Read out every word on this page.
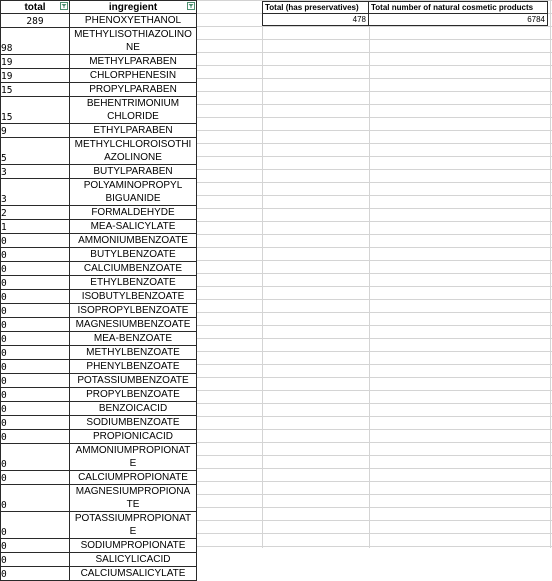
total	ingregient

289	PHENOXYETHANOL

98	METHYLISOTHIAZOLINO
NE

19	METHYLPARABEN

19	CHLORPHENESIN

15	PROPYLPARABEN

15	BEHENTRIMONIUM
CHLORIDE

9	ETHYLPARABEN

5	METHYLCHLOROISOTHI
AZOLINONE

3	BUTYLPARABEN

3	POLYAMINOPROPYL
BIGUANIDE

2	FORMALDEHYDE

1	MEA-SALICYLATE

0	AMMONIUMBENZOATE

0	BUTYLBENZOATE

0	CALCIUMBENZOATE

0	ETHYLBENZOATE

0	ISOBUTYLBENZOATE

0	ISOPROPYLBENZOATE

0	MAGNESIUMBENZOATE

0	MEA-BENZOATE

0	METHYLBENZOATE

0	PHENYLBENZOATE

0	POTASSIUMBENZOATE

0	PROPYLBENZOATE

0	BENZOICACID

0	SODIUMBENZOATE

0	PROPIONICACID

0	AMMONIUMPROPIONAT
E

0	CALCIUMPROPIONATE

0	MAGNESIUMPROPIONA
TE

0	POTASSIUMPROPIONAT
E

0	SODIUMPROPIONATE

0	SALICYLICACID

0	CALCIUMSALICYLATE
Total (has preservatives)	Total number of natural cosmetic products
478	6784
